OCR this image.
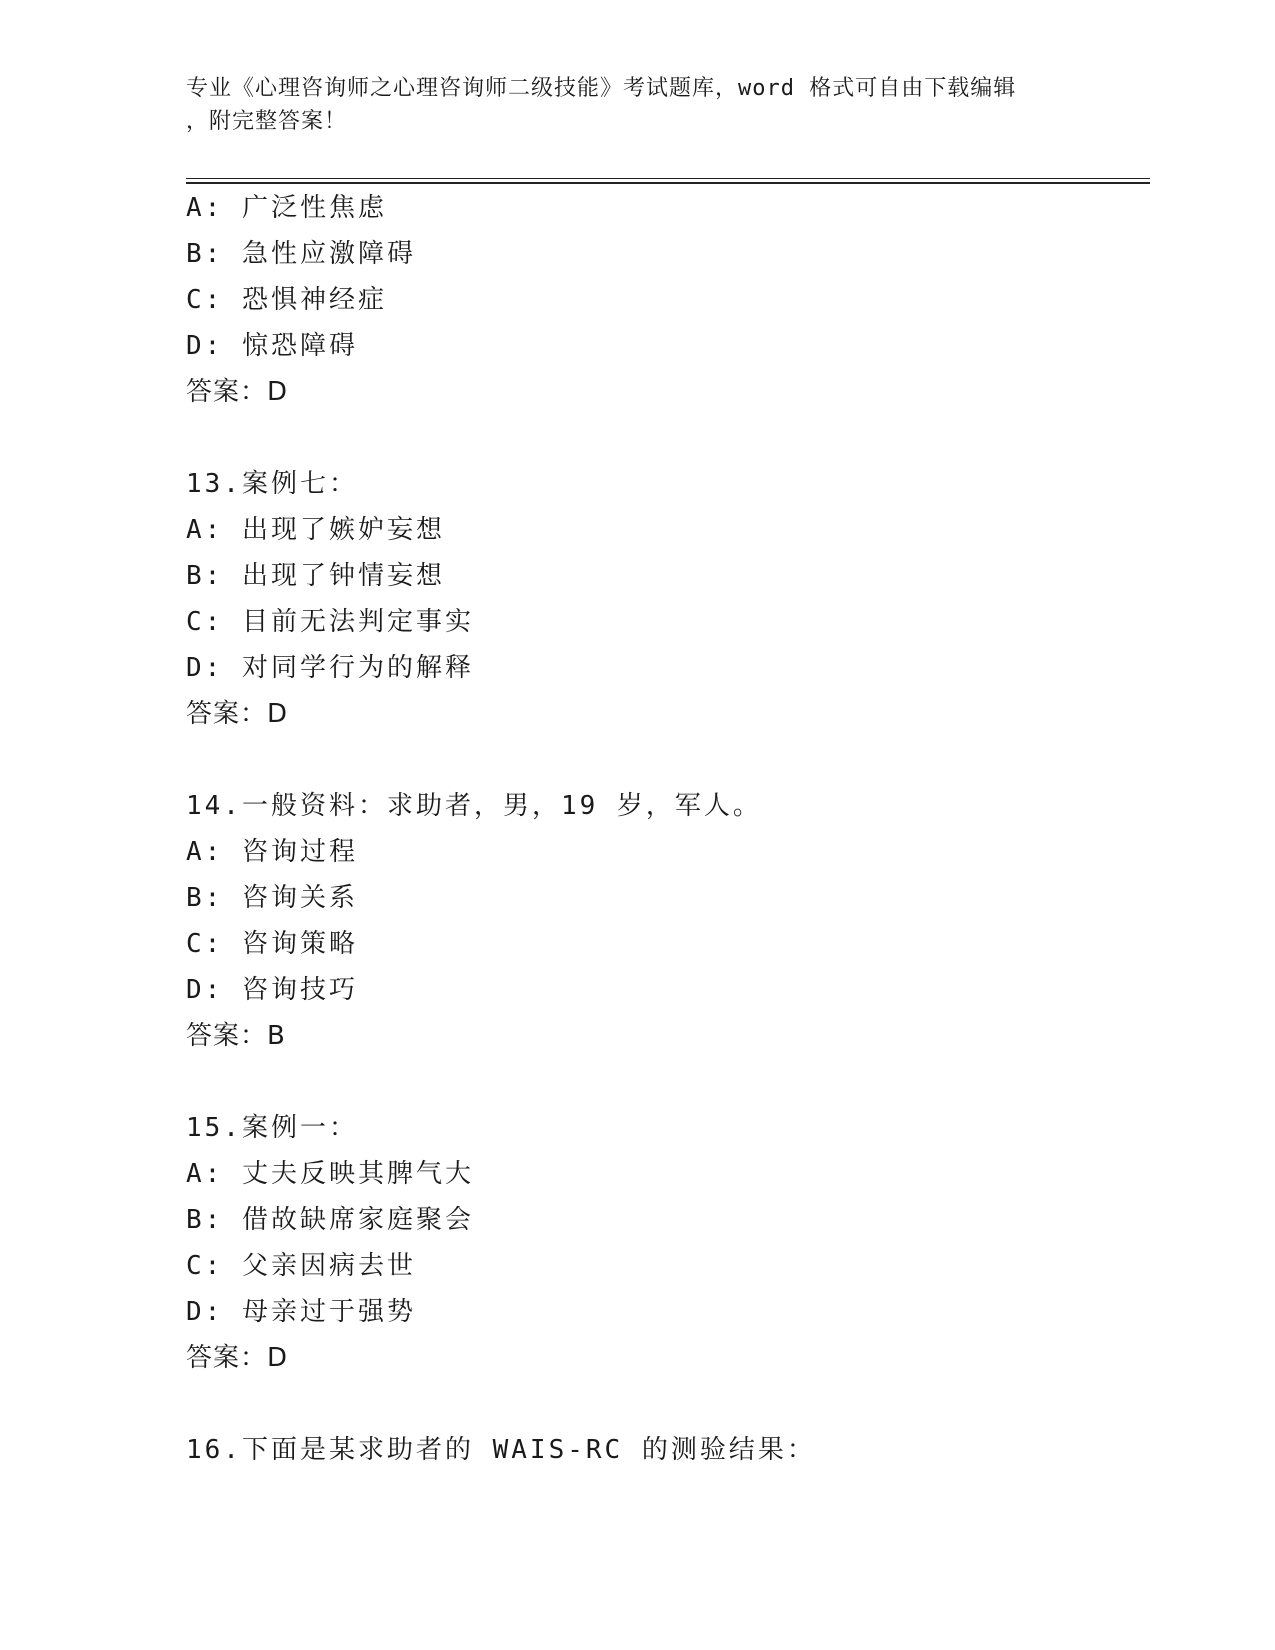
专业《心理咨询师之心理咨询师二级技能》考试题库，word 格式可自由下载编辑
，附完整答案！
A: 广泛性焦虑
B: 急性应激障碍
C: 恐惧神经症
D: 惊恐障碍
答案：D
13.案例七：
A: 出现了嫉妒妄想
B: 出现了钟情妄想
C: 目前无法判定事实
D: 对同学行为的解释
答案：D
14.一般资料：求助者，男，19 岁，军人。
A: 咨询过程
B: 咨询关系
C: 咨询策略
D: 咨询技巧
答案：B
15.案例一：
A: 丈夫反映其脾气大
B: 借故缺席家庭聚会
C: 父亲因病去世
D: 母亲过于强势
答案：D
16.下面是某求助者的 WAIS-RC 的测验结果：
